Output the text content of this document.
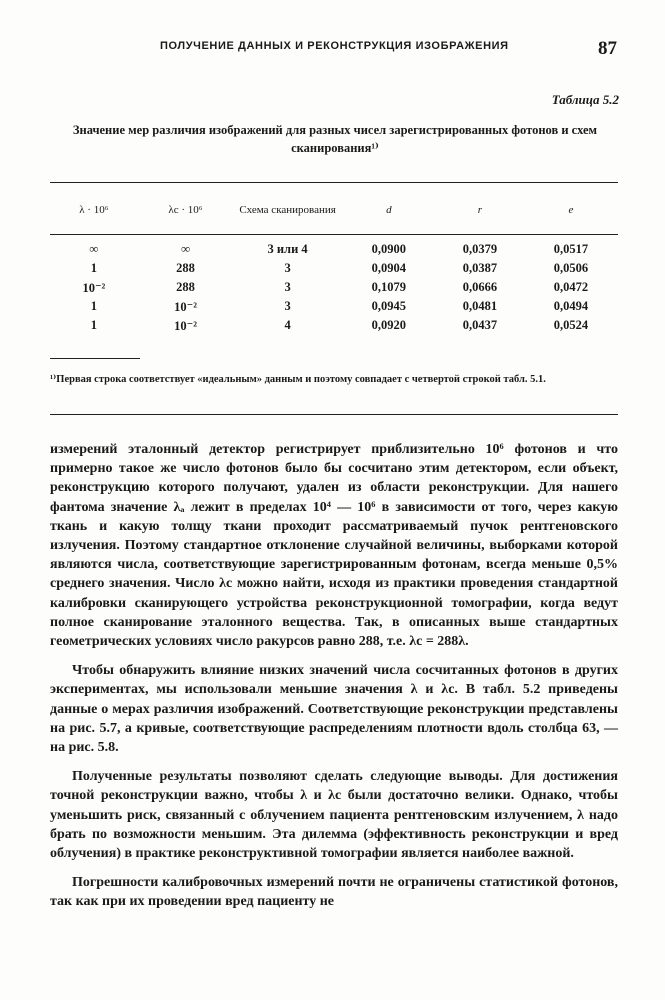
ПОЛУЧЕНИЕ ДАННЫХ И РЕКОНСТРУКЦИЯ ИЗОБРАЖЕНИЯ	87
Таблица 5.2
Значение мер различия изображений для разных чисел зарегистрированных фотонов и схем сканирования¹⁾
λ · 10⁶	λc · 10⁶	Схема сканирования	d	r	e

∞	∞	3 или 4	0,0900	0,0379	0,0517
1	288	3	0,0904	0,0387	0,0506
10⁻²	288	3	0,1079	0,0666	0,0472
1	10⁻²	3	0,0945	0,0481	0,0494
1	10⁻²	4	0,0920	0,0437	0,0524
¹⁾Первая строка соответствует «идеальным» данным и поэтому совпадает с четвертой строкой табл. 5.1.

измерений эталонный детектор регистрирует приблизительно 10⁶ фотонов и что примерно такое же число фотонов было бы сосчитано этим детектором, если объект, реконструкцию которого получают, удален из области реконструкции. Для нашего фантома значение λₐ лежит в пределах 10⁴ — 10⁶ в зависимости от того, через какую ткань и какую толщу ткани проходит рассматриваемый пучок рентгеновского излучения. Поэтому стандартное отклонение случайной величины, выборками которой являются числа, соответствующие зарегистрированным фотонам, всегда меньше 0,5% среднего значения. Число λc можно найти, исходя из практики проведения стандартной калибровки сканирующего устройства реконструкционной томографии, когда ведут полное сканирование эталонного вещества. Так, в описанных выше стандартных геометрических условиях число ракурсов равно 288, т.е. λc = 288λ.

Чтобы обнаружить влияние низких значений числа сосчитанных фотонов в других экспериментах, мы использовали меньшие значения λ и λc. В табл. 5.2 приведены данные о мерах различия изображений. Соответствующие реконструкции представлены на рис. 5.7, а кривые, соответствующие распределениям плотности вдоль столбца 63, — на рис. 5.8.

Полученные результаты позволяют сделать следующие выводы. Для достижения точной реконструкции важно, чтобы λ и λc были достаточно велики. Однако, чтобы уменьшить риск, связанный с облучением пациента рентгеновским излучением, λ надо брать по возможности меньшим. Эта дилемма (эффективность реконструкции и вред облучения) в практике реконструктивной томографии является наиболее важной.

Погрешности калибровочных измерений почти не ограничены статистикой фотонов, так как при их проведении вред пациенту не
